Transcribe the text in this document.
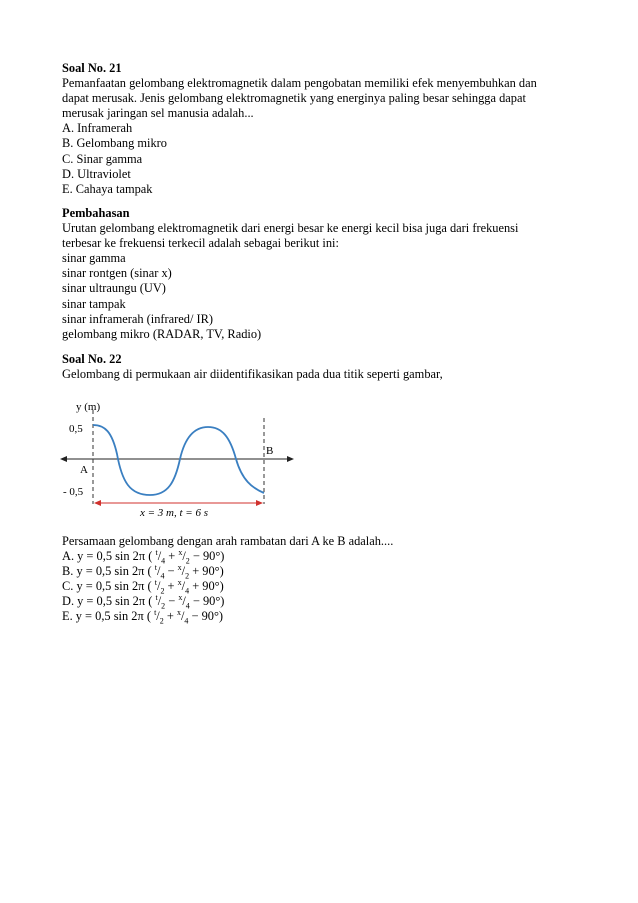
Soal No. 21
Pemanfaatan gelombang elektromagnetik dalam pengobatan memiliki efek menyembuhkan dan
dapat merusak. Jenis gelombang elektromagnetik yang energinya paling besar sehingga dapat
merusak jaringan sel manusia adalah...
A. Inframerah
B. Gelombang mikro
C. Sinar gamma
D. Ultraviolet
E. Cahaya tampak
Pembahasan
Urutan gelombang elektromagnetik dari energi besar ke energi kecil bisa juga dari frekuensi
terbesar ke frekuensi terkecil adalah sebagai berikut ini:
sinar gamma
sinar rontgen (sinar x)
sinar ultraungu (UV)
sinar tampak
sinar inframerah (infrared/ IR)
gelombang mikro (RADAR, TV, Radio)
Soal No. 22
Gelombang di permukaan air diidentifikasikan pada dua titik seperti gambar,
y (m)
0,5
- 0,5
A
B
x = 3 m, t = 6 s
Persamaan gelombang dengan arah rambatan dari A ke B adalah....
A. y = 0,5 sin 2π ( $^t/_4 + ^x/_2 - 90^\circ$)
B. y = 0,5 sin 2π ( $^t/_4 - ^x/_2 + 90^\circ$)
C. y = 0,5 sin 2π ( $^t/_2 + ^x/_4 + 90^\circ$)
D. y = 0,5 sin 2π ( $^t/_2 - ^x/_4 - 90^\circ$)
E. y = 0,5 sin 2π ( $^t/_2 + ^x/_4 - 90^\circ$)
